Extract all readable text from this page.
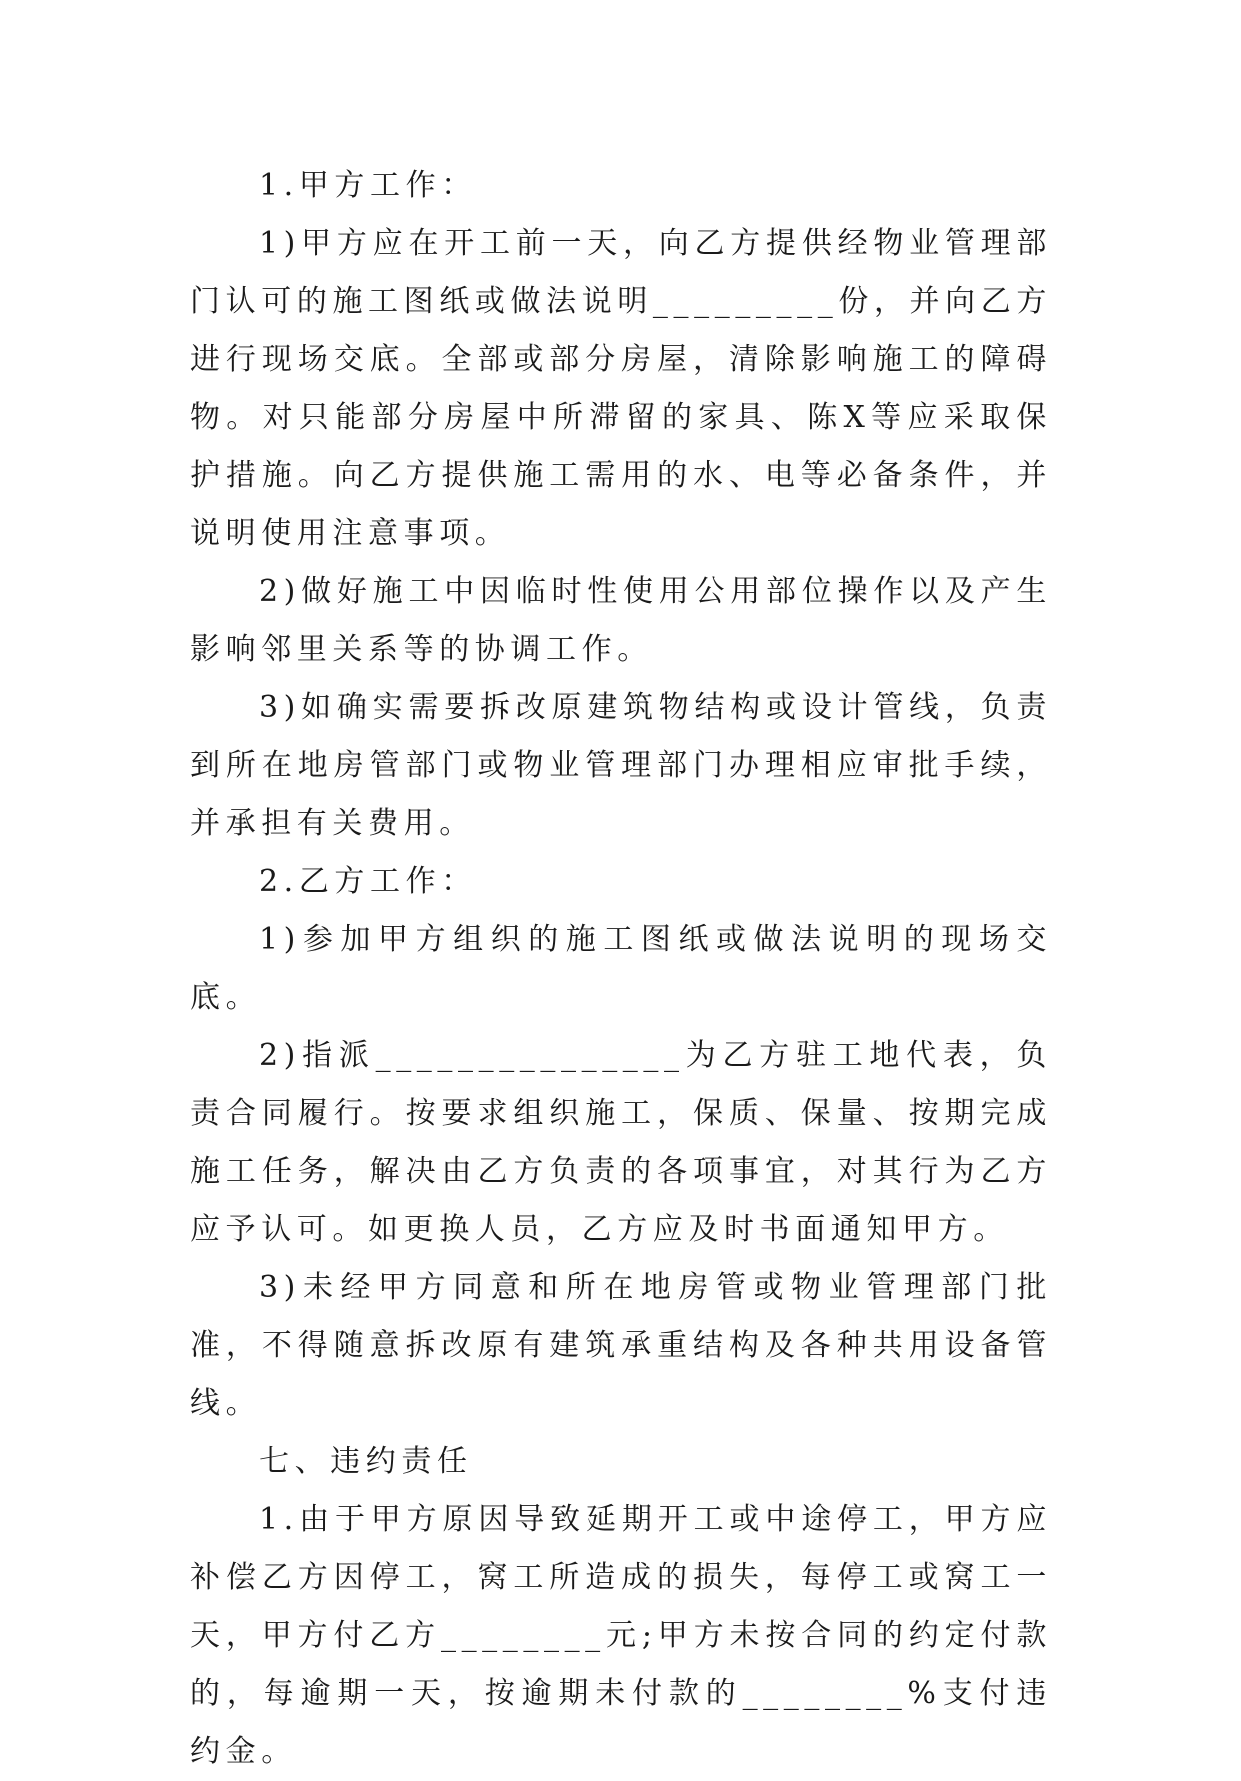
1.甲方工作：

1)甲方应在开工前一天，向乙方提供经物业管理部门认可的施工图纸或做法说明_________份，并向乙方进行现场交底。全部或部分房屋，清除影响施工的障碍物。对只能部分房屋中所滞留的家具、陈X等应采取保护措施。向乙方提供施工需用的水、电等必备条件，并说明使用注意事项。

2)做好施工中因临时性使用公用部位操作以及产生影响邻里关系等的协调工作。

3)如确实需要拆改原建筑物结构或设计管线，负责到所在地房管部门或物业管理部门办理相应审批手续，并承担有关费用。

2.乙方工作：

1)参加甲方组织的施工图纸或做法说明的现场交底。

2)指派_______________为乙方驻工地代表，负责合同履行。按要求组织施工，保质、保量、按期完成施工任务，解决由乙方负责的各项事宜，对其行为乙方应予认可。如更换人员，乙方应及时书面通知甲方。

3)未经甲方同意和所在地房管或物业管理部门批准，不得随意拆改原有建筑承重结构及各种共用设备管线。

七、违约责任

1.由于甲方原因导致延期开工或中途停工，甲方应补偿乙方因停工，窝工所造成的损失，每停工或窝工一天，甲方付乙方________元;甲方未按合同的约定付款的，每逾期一天，按逾期未付款的________%支付违约金。
